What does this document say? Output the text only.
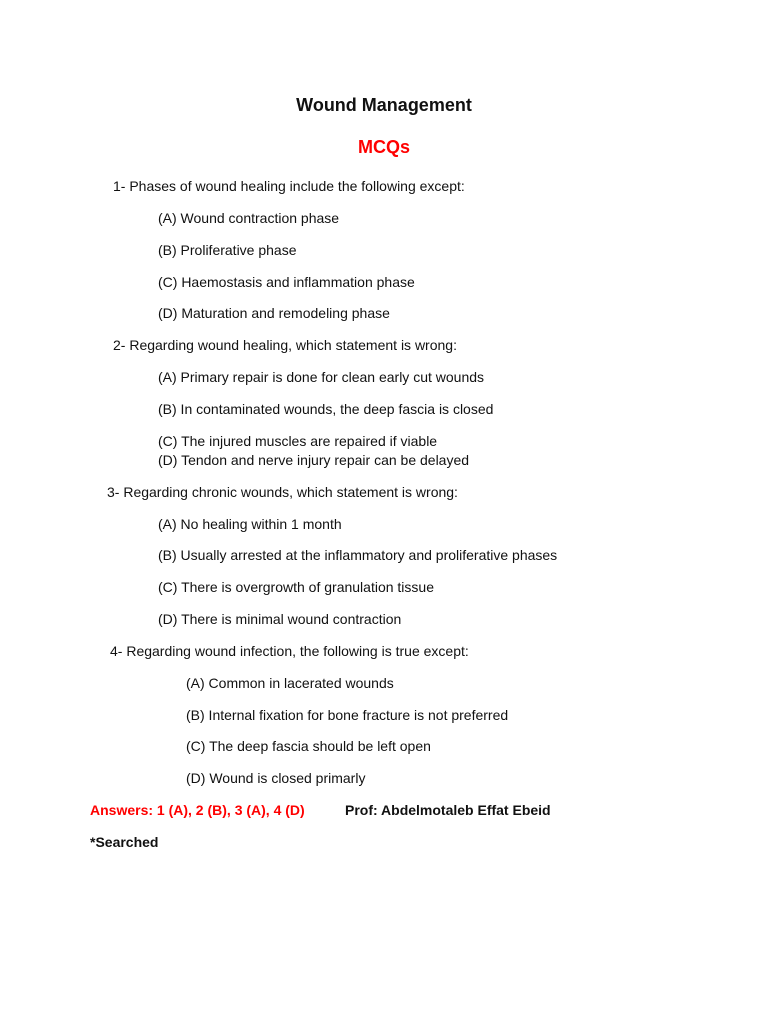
Wound Management
MCQs
1- Phases of wound healing include the following except:
(A) Wound contraction phase
(B) Proliferative phase
(C) Haemostasis and inflammation phase
(D) Maturation and remodeling phase
2- Regarding wound healing, which statement is wrong:
(A) Primary repair is done for clean early cut wounds
(B) In contaminated wounds, the deep fascia is closed
(C) The injured muscles are repaired if viable
(D) Tendon and nerve injury repair can be delayed
3- Regarding chronic wounds, which statement is wrong:
(A) No healing within 1 month
(B) Usually arrested at the inflammatory and proliferative phases
(C) There is overgrowth of granulation tissue
(D) There is minimal wound contraction
4- Regarding wound infection, the following is true except:
(A) Common in lacerated wounds
(B) Internal fixation for bone fracture is not preferred
(C) The deep fascia should be left open
(D) Wound is closed primarly
Answers: 1 (A), 2 (B), 3 (A), 4 (D)	Prof: Abdelmotaleb Effat Ebeid
*Searched
